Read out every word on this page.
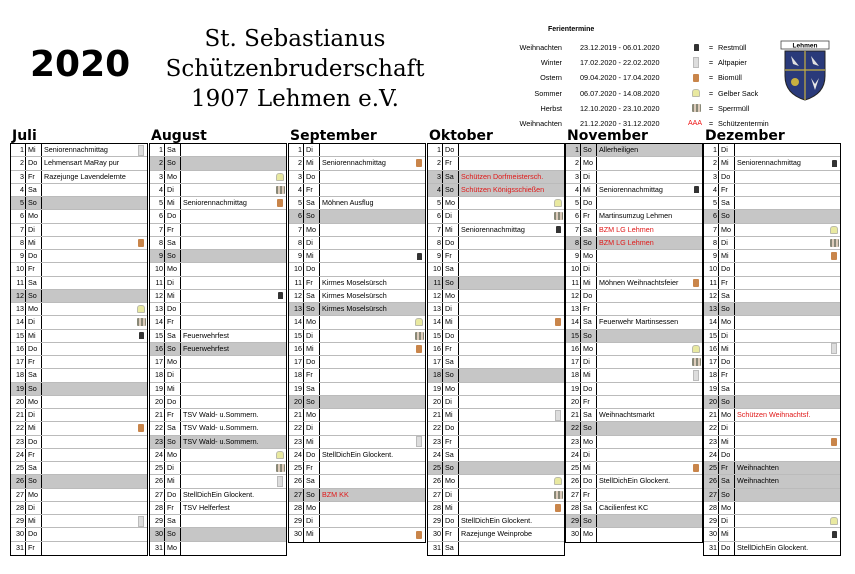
2020
St. Sebastianus
Schützenbruderschaft
1907 Lehmen e.V.
Ferientermine
Weihnachten	23.12.2019 - 06.01.2020
Winter	17.02.2020 - 22.02.2020
Ostern	09.04.2020 - 17.04.2020
Sommer	06.07.2020 - 14.08.2020
Herbst	12.10.2020 - 23.10.2020
Weihnachten	21.12.2020 - 31.12.2020
= Restmüll
= Altpapier
= Biomüll
= Gelber Sack
= Sperrmüll
AAA = Schützentermin
Lehmen
Juli
1 Mi	Seniorennachmittag
2 Do Lehmensart MaRay pur
3 Fr	Razejunge Lavendelernte
4 Sa
5 So
6 Mo
7 Di
8 Mi
9 Do
10 Fr
11 Sa
12 So
13 Mo
14 Di
15 Mi
16 Do
17 Fr
18 Sa
19 So
20 Mo
21 Di
22 Mi
23 Do
24 Fr
25 Sa
26 So
27 Mo
28 Di
29 Mi
30 Do
31 Fr
August
1 Sa
2 So
3 Mo
4 Di
5 Mi	Seniorennachmittag
6 Do
7 Fr
8 Sa
9 So
10 Mo
11 Di
12 Mi
13 Do
14 Fr
15 Sa	Feuerwehrfest
16 So	Feuerwehrfest
17 Mo
18 Di
19 Mi
20 Do
21 Fr	TSV Wald- u.Sommern.
22 Sa	TSV Wald- u.Sommern.
23 So	TSV Wald- u.Sommern.
24 Mo
25 Di
26 Mi
27 Do StellDichEin Glockent.
28 Fr	TSV Helferfest
29 Sa
30 So
31 Mo
September
1 Di
2 Mi	Seniorennachmittag
3 Do
4 Fr
5 Sa	Möhnen Ausflug
6 So
7 Mo
8 Di
9 Mi
10 Do
11 Fr	Kirmes Moselsürsch
12 Sa	Kirmes Moselsürsch
13 So	Kirmes Moselsürsch
14 Mo
15 Di
16 Mi
17 Do
18 Fr
19 Sa
20 So
21 Mo
22 Di
23 Mi
24 Do StellDichEin Glockent.
25 Fr
26 Sa
27 So	BZM KK
28 Mo
29 Di
30 Mi
Oktober
1 Do
2 Fr
3 Sa	Schützen Dorfmeistersch.
4 So	Schützen Königsschießen
5 Mo
6 Di
7 Mi	Seniorennachmittag
8 Do
9 Fr
10 Sa
11 So
12 Mo
13 Di
14 Mi
15 Do
16 Fr
17 Sa
18 So
19 Mo
20 Di
21 Mi
22 Do
23 Fr
24 Sa
25 So
26 Mo
27 Di
28 Mi
29 Do StellDichEin Glockent.
30 Fr	Razejunge Weinprobe
31 Sa
November
1 So	Allerheiligen
2 Mo
3 Di
4 Mi	Seniorennachmittag
5 Do
6 Fr	Martinsumzug Lehmen
7 Sa	BZM LG Lehmen
8 So	BZM LG Lehmen
9 Mo
10 Di
11 Mi	Möhnen Weihnachtsfeier
12 Do
13 Fr
14 Sa	Feuerwehr Martinsessen
15 So
16 Mo
17 Di
18 Mi
19 Do
20 Fr
21 Sa	Weihnachtsmarkt
22 So
23 Mo
24 Di
25 Mi
26 Do StellDichEin Glockent.
27 Fr
28 Sa	Cäcilienfest KC
29 So
30 Mo
Dezember
1 Di
2 Mi	Seniorennachmittag
3 Do
4 Fr
5 Sa
6 So
7 Mo
8 Di
9 Mi
10 Do
11 Fr
12 Sa
13 So
14 Mo
15 Di
16 Mi
17 Do
18 Fr
19 Sa
20 So
21 Mo Schützen Weihnachtsf.
22 Di
23 Mi
24 Do
25 Fr	Weihnachten
26 Sa	Weihnachten
27 So
28 Mo
29 Di
30 Mi
31 Do StellDichEin Glockent.
